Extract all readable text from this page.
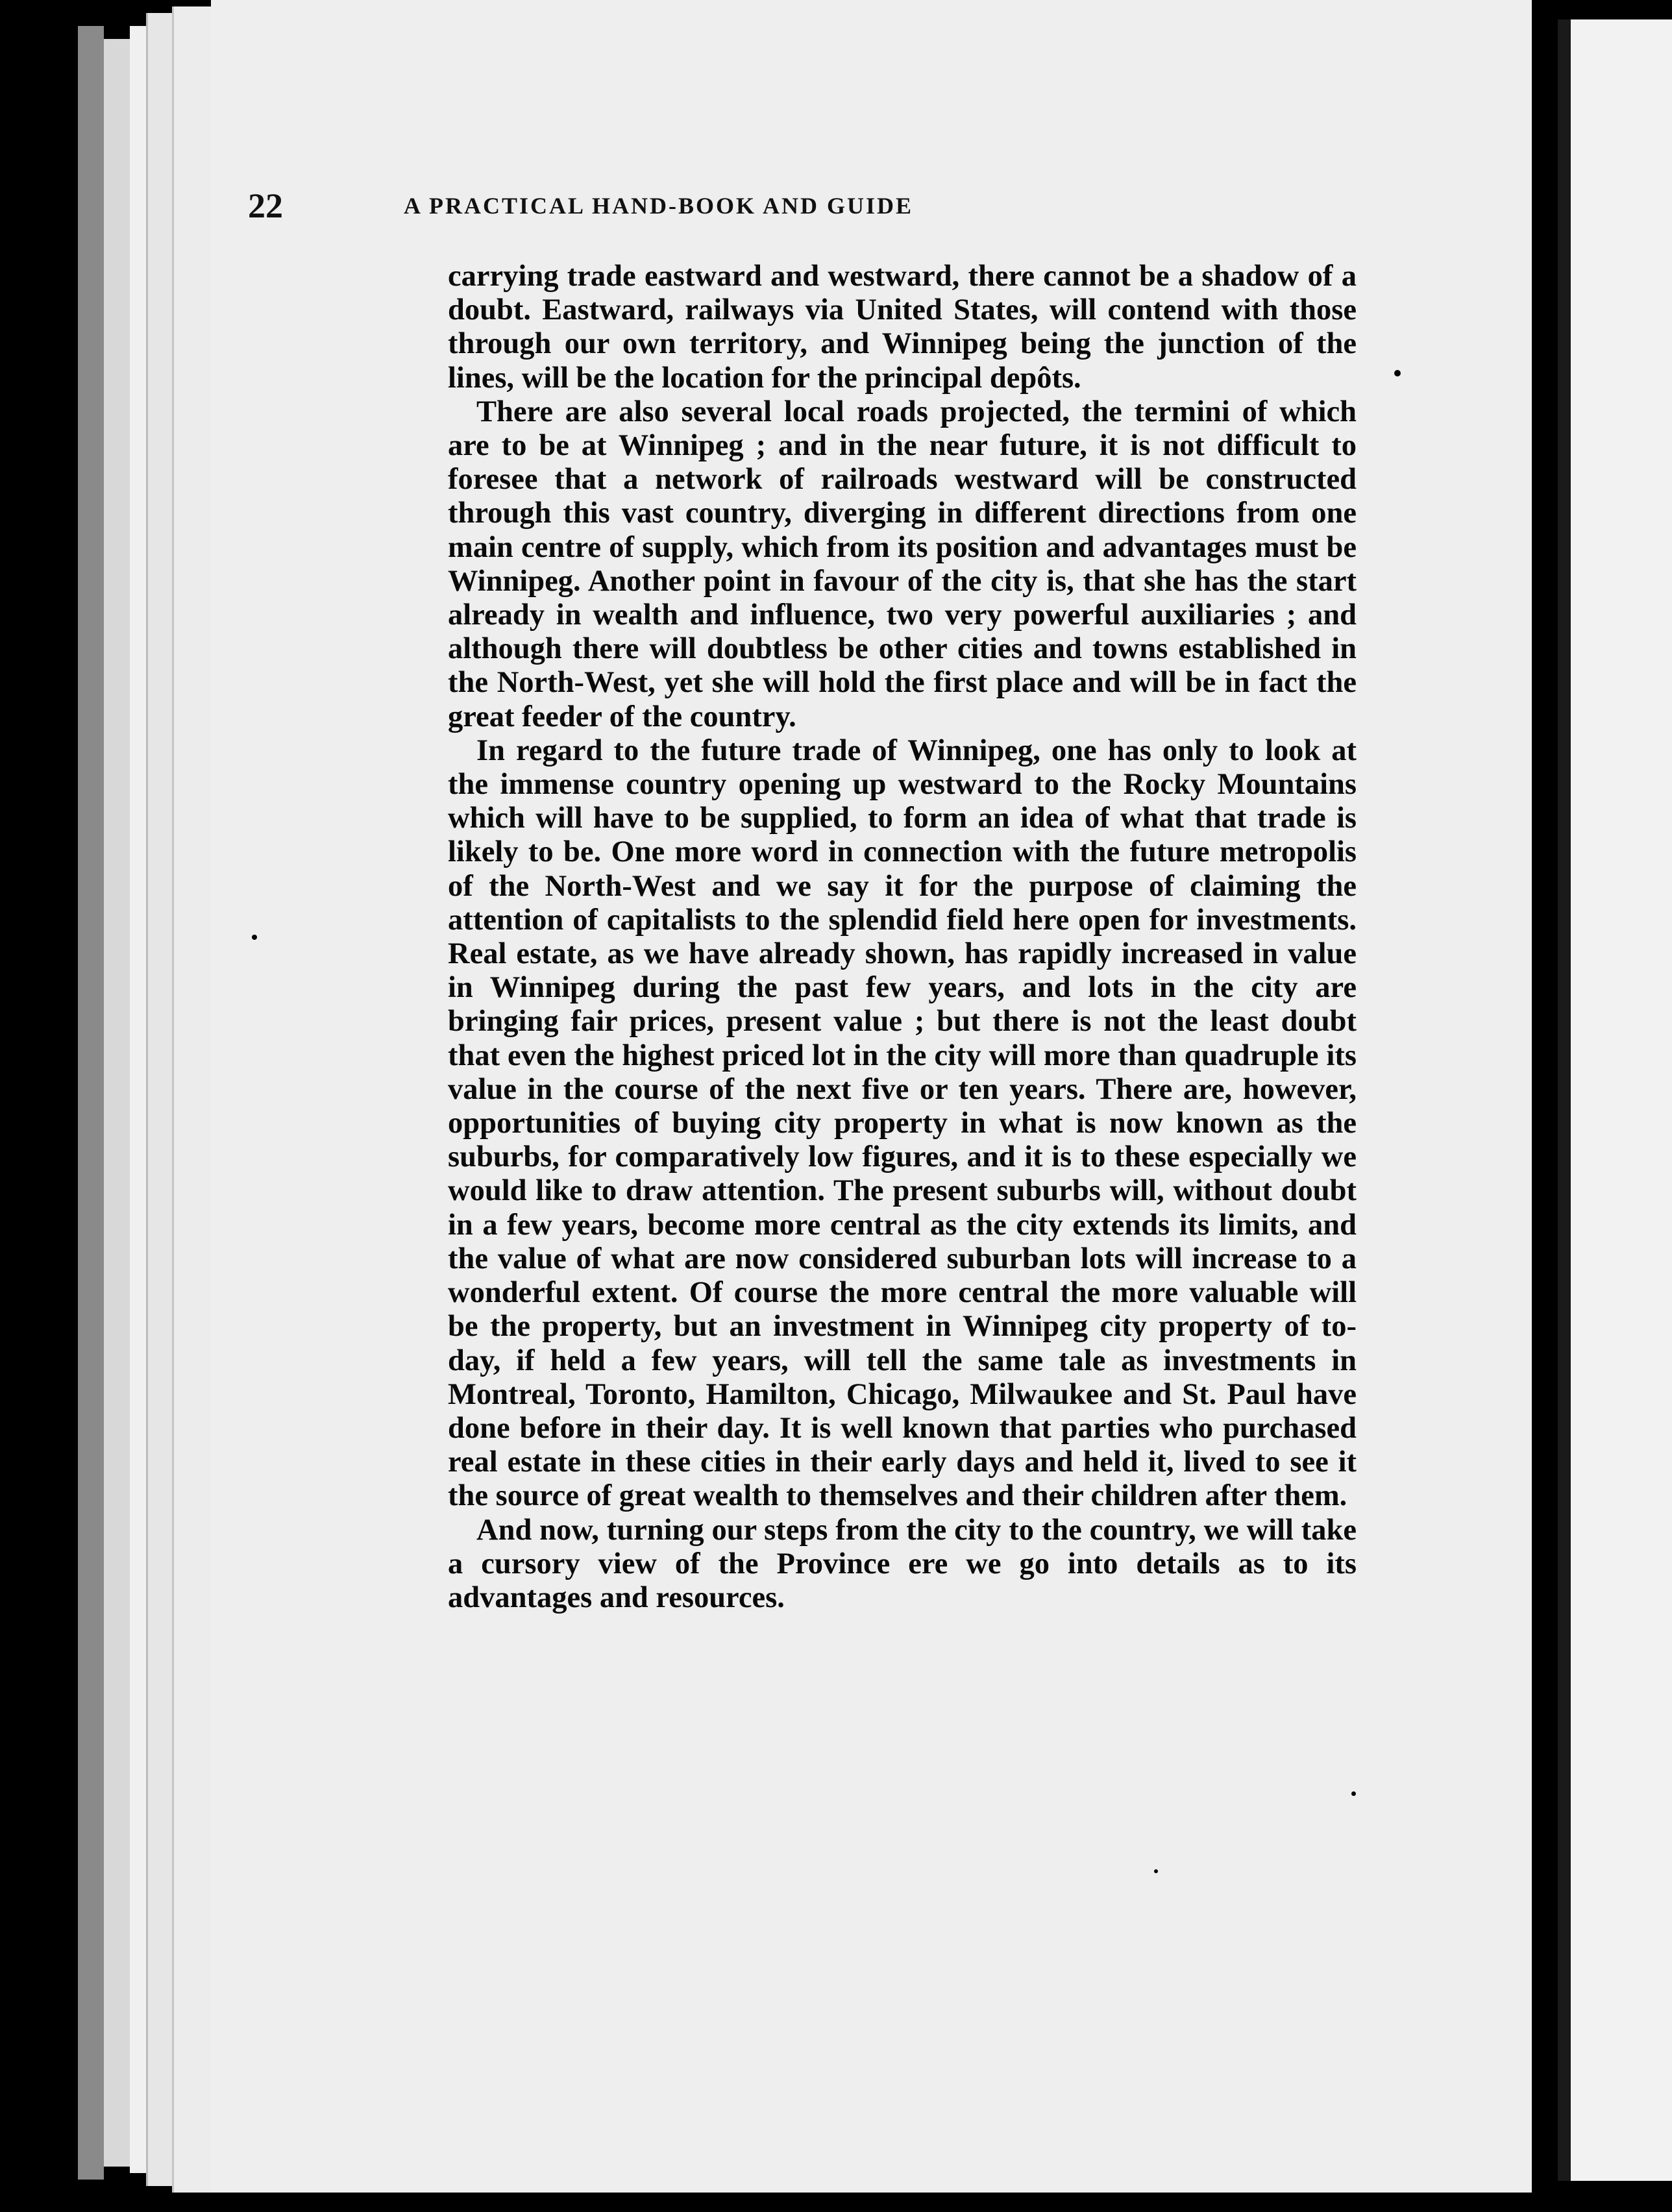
22	A PRACTICAL HAND-BOOK AND GUIDE

carrying trade eastward and westward, there cannot be a shadow of a doubt. Eastward, railways via United States, will contend with those through our own territory, and Winnipeg being the junction of the lines, will be the location for the principal depôts.

There are also several local roads projected, the termini of which are to be at Winnipeg ; and in the near future, it is not difficult to foresee that a network of railroads westward will be constructed through this vast country, diverging in different directions from one main centre of supply, which from its position and advantages must be Winnipeg. Another point in favour of the city is, that she has the start already in wealth and influence, two very powerful auxiliaries ; and although there will doubtless be other cities and towns established in the North-West, yet she will hold the first place and will be in fact the great feeder of the country.

In regard to the future trade of Winnipeg, one has only to look at the immense country opening up westward to the Rocky Mountains which will have to be supplied, to form an idea of what that trade is likely to be. One more word in connection with the future metropolis of the North-West and we say it for the purpose of claiming the attention of capitalists to the splendid field here open for investments. Real estate, as we have already shown, has rapidly increased in value in Winnipeg during the past few years, and lots in the city are bringing fair prices, present value ; but there is not the least doubt that even the highest priced lot in the city will more than quadruple its value in the course of the next five or ten years. There are, however, opportunities of buying city property in what is now known as the suburbs, for comparatively low figures, and it is to these especially we would like to draw attention. The present suburbs will, without doubt in a few years, become more central as the city extends its limits, and the value of what are now considered suburban lots will increase to a wonderful extent. Of course the more central the more valuable will be the property, but an investment in Winnipeg city property of to-day, if held a few years, will tell the same tale as investments in Montreal, Toronto, Hamilton, Chicago, Milwaukee and St. Paul have done before in their day. It is well known that parties who purchased real estate in these cities in their early days and held it, lived to see it the source of great wealth to themselves and their children after them.

And now, turning our steps from the city to the country, we will take a cursory view of the Province ere we go into details as to its advantages and resources.
